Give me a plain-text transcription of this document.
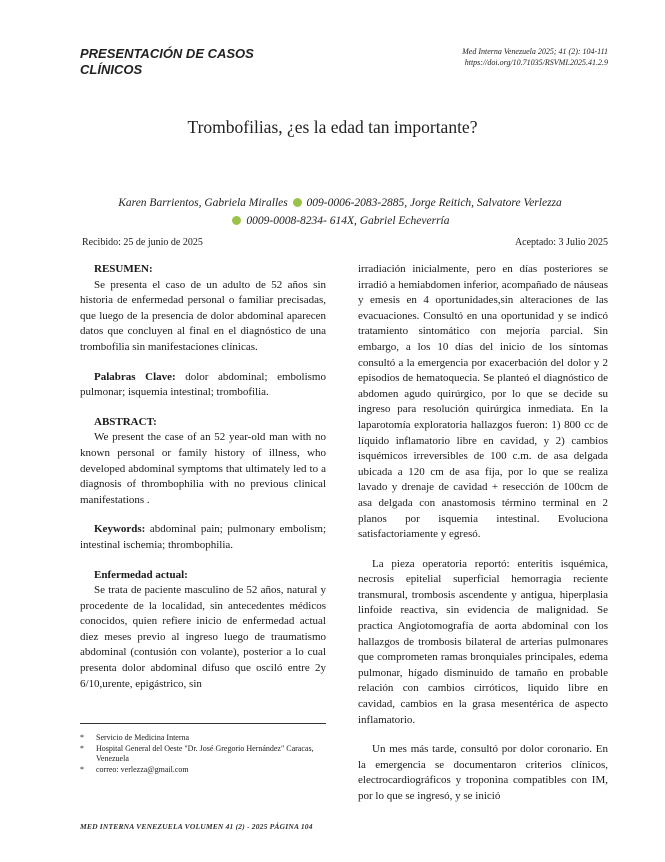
PRESENTACIÓN DE CASOS CLÍNICOS
Med Interna Venezuela 2025; 41 (2): 104-111
https://doi.org/10.71035/RSVMI.2025.41.2.9
Trombofilias, ¿es la edad tan importante?
Karen Barrientos, Gabriela Miralles 009-0006-2083-2885, Jorge Reitich, Salvatore Verlezza
0009-0008-8234- 614X, Gabriel Echeverría
Recibido: 25 de junio de 2025	Aceptado: 3 Julio 2025
RESUMEN:
Se presenta el caso de un adulto de 52 años sin historia de enfermedad personal o familiar precisadas, que luego de la presencia de dolor abdominal aparecen datos que concluyen al final en el diagnóstico de una trombofilia sin manifestaciones clínicas.
Palabras Clave: dolor abdominal; embolismo pulmonar; isquemia intestinal; trombofilia.
ABSTRACT:
We present the case of an 52 year-old man with no known personal or family history of illness, who developed abdominal symptoms that ultimately led to a diagnosis of thrombophilia with no previous clinical manifestations .
Keywords: abdominal pain; pulmonary embolism; intestinal ischemia; thrombophilia.
Enfermedad actual:
Se trata de paciente masculino de 52 años, natural y procedente de la localidad, sin antecedentes médicos conocidos, quien refiere inicio de enfermedad actual diez meses previo al ingreso luego de traumatismo abdominal (contusión con volante), posterior a lo cual presenta dolor abdominal difuso que osciló entre 2y 6/10,urente, epigástrico, sin
irradiación inicialmente, pero en días posteriores se irradió a hemiabdomen inferior, acompañado de náuseas y emesis en 4 oportunidades,sin alteraciones de las evacuaciones. Consultó en una oportunidad y se indicó tratamiento sintomático con mejoría parcial. Sin embargo, a los 10 días del inicio de los síntomas consultó a la emergencia por exacerbación del dolor y 2 episodios de hematoquecia. Se planteó el diagnóstico de abdomen agudo quirúrgico, por lo que se decide su ingreso para resolución quirúrgica inmediata. En la laparotomía exploratoria hallazgos fueron: 1) 800 cc de líquido inflamatorio libre en cavidad, y 2) cambios isquémicos irreversibles de 100 c.m. de asa delgada ubicada a 120 cm de asa fija, por lo que se realiza lavado y drenaje de cavidad + resección de 100cm de asa delgada con anastomosis término terminal en 2 planos por isquemia intestinal. Evoluciona satisfactoriamente y egresó.
La pieza operatoria reportó: enteritis isquémica, necrosis epitelial superficial hemorragia reciente transmural, trombosis ascendente y antigua, hiperplasia linfoide reactiva, sin evidencia de malignidad. Se practica Angiotomografía de aorta abdominal con los hallazgos de trombosis bilateral de arterias pulmonares que comprometen ramas bronquiales principales, edema pulmonar, hígado disminuido de tamaño en probable relación con cambios cirróticos, liquido libre en cavidad, cambios en la grasa mesentérica de aspecto inflamatorio.
Un mes más tarde, consultó por dolor coronario. En la emergencia se documentaron criterios clínicos, electrocardiográficos y troponina compatibles con IM, por lo que se ingresó, y se inició
*	Servicio de Medicina Interna
*	Hospital General del Oeste "Dr. José Gregorio Hernández" Caracas, Venezuela
*	correo: verlezza@gmail.com
MED INTERNA VENEZUELA VOLUMEN 41 (2) - 2025 PÁGINA 104
